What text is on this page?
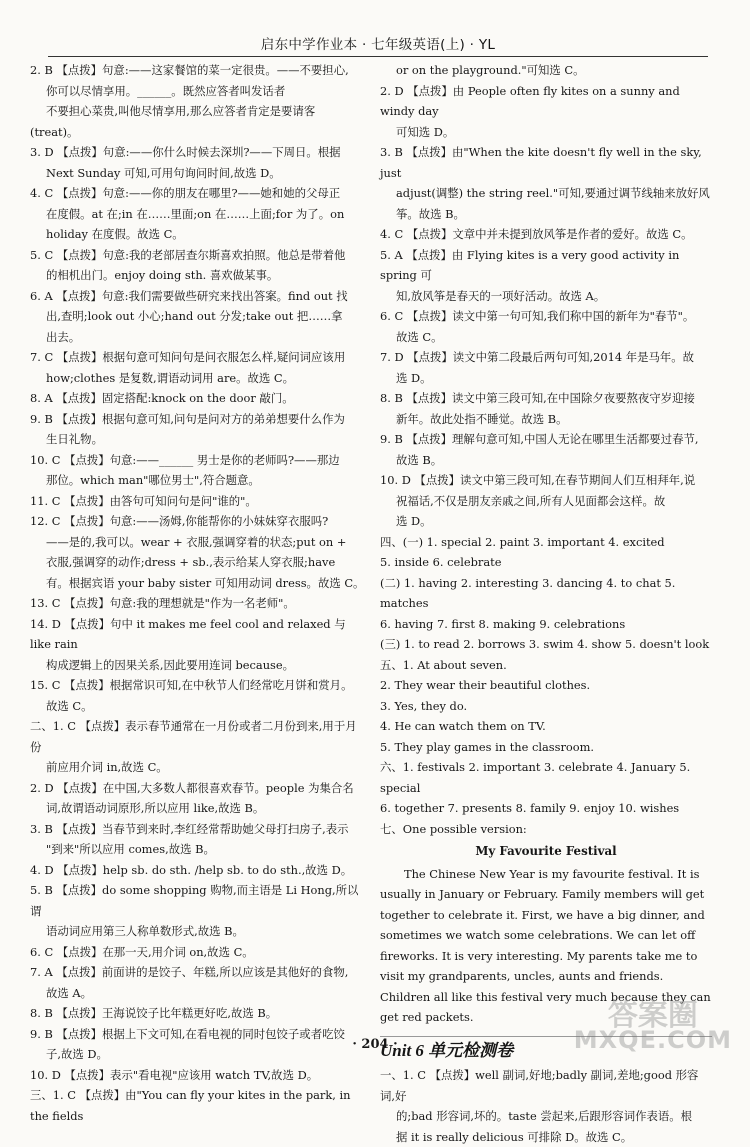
启东中学作业本 · 七年级英语(上) · YL
2. B 【点拨】句意:——这家餐馆的菜一定很贵。——不要担心,
你可以尽情享用。______。既然应答者叫发话者
不要担心菜贵,叫他尽情享用,那么应答者肯定是要请客
(treat)。
3. D 【点拨】句意:——你什么时候去深圳?——下周日。根据
Next Sunday 可知,可用句询问时间,故选 D。
4. C 【点拨】句意:——你的朋友在哪里?——她和她的父母正
在度假。at 在;in 在……里面;on 在……上面;for 为了。on
holiday 在度假。故选 C。
5. C 【点拨】句意:我的老部居查尔斯喜欢拍照。他总是带着他
的相机出门。enjoy doing sth. 喜欢做某事。
6. A 【点拨】句意:我们需要做些研究来找出答案。find out 找
出,查明;look out 小心;hand out 分发;take out 把……拿
出去。
7. C 【点拨】根据句意可知问句是问衣服怎么样,疑问词应该用
how;clothes 是复数,谓语动词用 are。故选 C。
8. A 【点拨】固定搭配:knock on the door 敲门。
9. B 【点拨】根据句意可知,问句是问对方的弟弟想要什么作为
生日礼物。
10. C 【点拨】句意:——______ 男士是你的老师吗?——那边
那位。which man"哪位男士",符合题意。
11. C 【点拨】由答句可知问句是问"谁的"。
12. C 【点拨】句意:——汤姆,你能帮你的小妹妹穿衣服吗?
——是的,我可以。wear + 衣服,强调穿着的状态;put on +
衣服,强调穿的动作;dress + sb.,表示给某人穿衣服;have
有。根据宾语 your baby sister 可知用动词 dress。故选 C。
13. C 【点拨】句意:我的理想就是"作为一名老师"。
14. D 【点拨】句中 it makes me feel cool and relaxed 与 like rain
构成逻辑上的因果关系,因此要用连词 because。
15. C 【点拨】根据常识可知,在中秋节人们经常吃月饼和赏月。
故选 C。
二、1. C 【点拨】表示春节通常在一月份或者二月份到来,用于月份
前应用介词 in,故选 C。
2. D 【点拨】在中国,大多数人都很喜欢春节。people 为集合名
词,故谓语动词原形,所以应用 like,故选 B。
3. B 【点拨】当春节到来时,李红经常帮助她父母打扫房子,表示
"到来"所以应用 comes,故选 B。
4. D 【点拨】help sb. do sth. /help sb. to do sth.,故选 D。
5. B 【点拨】do some shopping 购物,而主语是 Li Hong,所以谓
语动词应用第三人称单数形式,故选 B。
6. C 【点拨】在那一天,用介词 on,故选 C。
7. A 【点拨】前面讲的是饺子、年糕,所以应该是其他好的食物,
故选 A。
8. B 【点拨】王海说饺子比年糕更好吃,故选 B。
9. B 【点拨】根据上下文可知,在看电视的同时包饺子或者吃饺
子,故选 D。
10. D 【点拨】表示"看电视"应该用 watch TV,故选 D。
三、1. C 【点拨】由"You can fly your kites in the park, in the fields
or on the playground."可知选 C。
2. D 【点拨】由 People often fly kites on a sunny and windy day
可知选 D。
3. B 【点拨】由"When the kite doesn't fly well in the sky, just
adjust(调整) the string reel."可知,要通过调节线轴来放好风
筝。故选 B。
4. C 【点拨】文章中并未提到放风筝是作者的爱好。故选 C。
5. A 【点拨】由 Flying kites is a very good activity in spring 可
知,放风筝是春天的一项好活动。故选 A。
6. C 【点拨】读文中第一句可知,我们称中国的新年为"春节"。
故选 C。
7. D 【点拨】读文中第二段最后两句可知,2014 年是马年。故
选 D。
8. B 【点拨】读文中第三段可知,在中国除夕夜要熬夜守岁迎接
新年。故此处指不睡觉。故选 B。
9. B 【点拨】理解句意可知,中国人无论在哪里生活都要过春节,
故选 B。
10. D 【点拨】读文中第三段可知,在春节期间人们互相拜年,说
祝福话,不仅是朋友亲戚之间,所有人见面都会这样。故
选 D。
四、(一) 1. special 2. paint 3. important 4. excited
5. inside 6. celebrate
(二) 1. having 2. interesting 3. dancing 4. to chat 5. matches
6. having 7. first 8. making 9. celebrations
(三) 1. to read 2. borrows 3. swim 4. show 5. doesn't look
五、1. At about seven.
2. They wear their beautiful clothes.
3. Yes, they do.
4. He can watch them on TV.
5. They play games in the classroom.
六、1. festivals 2. important 3. celebrate 4. January 5. special
6. together 7. presents 8. family 9. enjoy 10. wishes
七、One possible version:
My Favourite Festival
The Chinese New Year is my favourite festival. It is usually in January or February. Family members will get together to celebrate it. First, we have a big dinner, and sometimes we watch some celebrations. We can let off fireworks. It is very interesting. My parents take me to visit my grandparents, uncles, aunts and friends. Children all like this festival very much because they can get red packets.
Unit 6 单元检测卷
一、1. C 【点拨】well 副词,好地;badly 副词,差地;good 形容词,好
的;bad 形容词,坏的。taste 尝起来,后跟形容词作表语。根
据 it is really delicious 可排除 D。故选 C。
· 204 ·
答案圈
MXQE.COM
